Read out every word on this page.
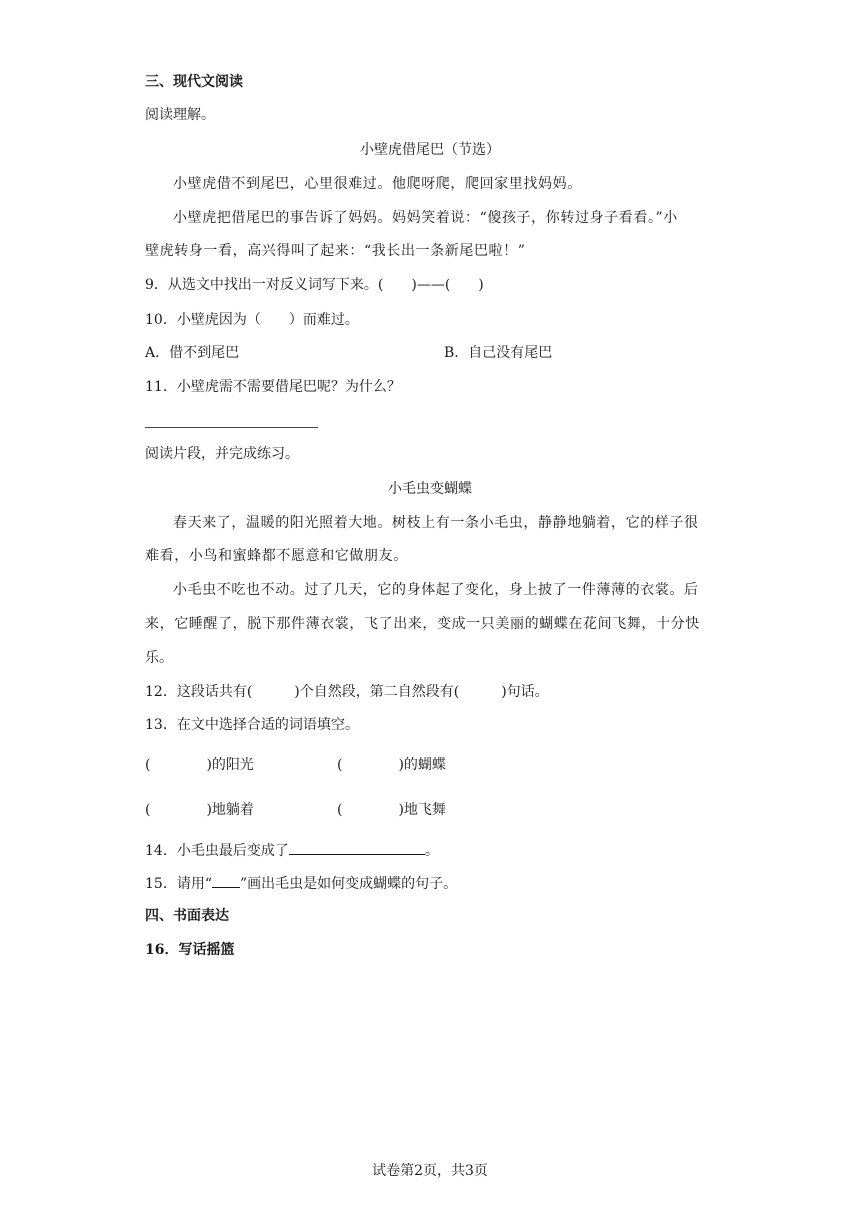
三、现代文阅读
阅读理解。
小壁虎借尾巴（节选）
小壁虎借不到尾巴，心里很难过。他爬呀爬，爬回家里找妈妈。
小壁虎把借尾巴的事告诉了妈妈。妈妈笑着说：“傻孩子，你转过身子看看。”小
壁虎转身一看，高兴得叫了起来：“我长出一条新尾巴啦！”
9．从选文中找出一对反义词写下来。(　　)——(　　)
10．小壁虎因为（　　）而难过。
A．借不到尾巴	B．自己没有尾巴
11．小壁虎需不需要借尾巴呢？为什么？
阅读片段，并完成练习。
小毛虫变蝴蝶
春天来了，温暖的阳光照着大地。树枝上有一条小毛虫，静静地躺着，它的样子很
难看，小鸟和蜜蜂都不愿意和它做朋友。
小毛虫不吃也不动。过了几天，它的身体起了变化，身上披了一件薄薄的衣裳。后
来，它睡醒了，脱下那件薄衣裳，飞了出来，变成一只美丽的蝴蝶在花间飞舞，十分快
乐。
12．这段话共有(　　　)个自然段，第二自然段有(　　　)句话。
13．在文中选择合适的词语填空。
(　　　　)的阳光	(　　　　)的蝴蝶
(　　　　)地躺着	(　　　　)地飞舞
14．小毛虫最后变成了	。
15．请用“ ”画出毛虫是如何变成蝴蝶的句子。
四、书面表达
16．写话摇篮
试卷第2页，共3页
